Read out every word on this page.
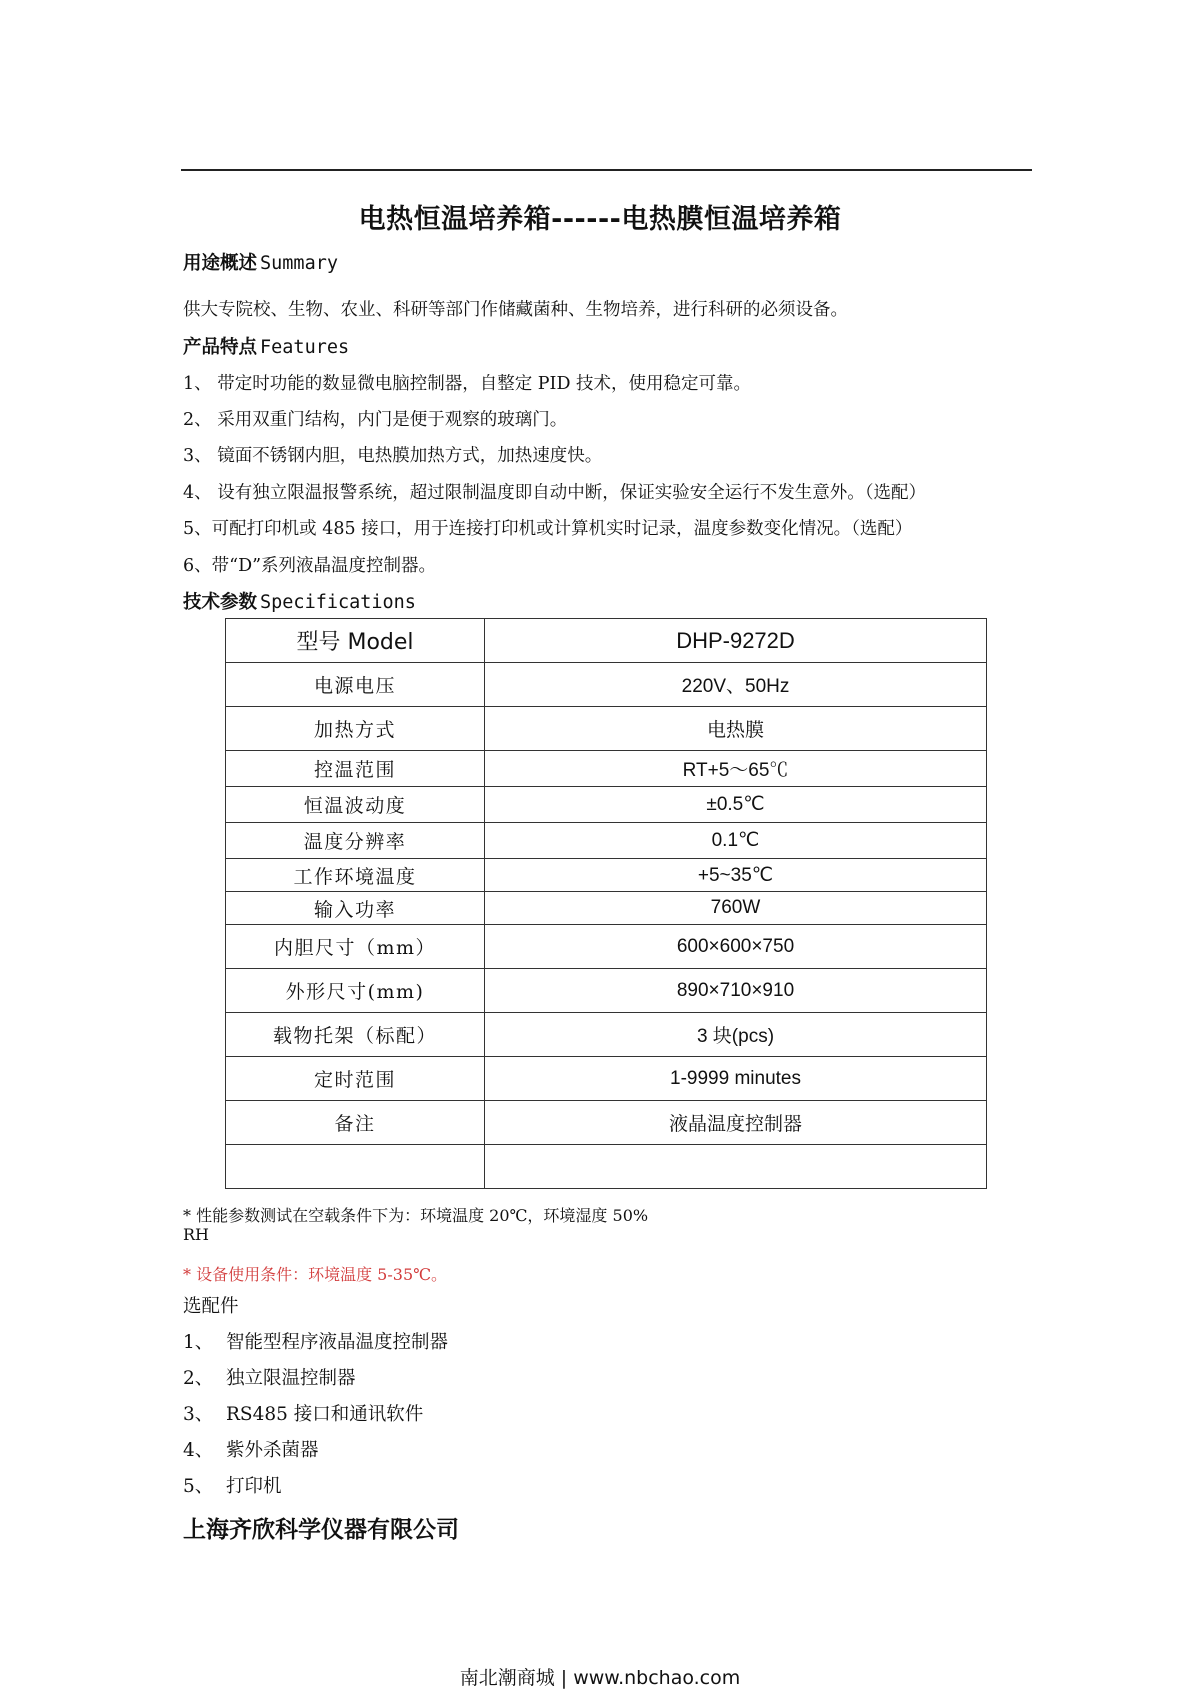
电热恒温培养箱------电热膜恒温培养箱
用途概述 Summary
供大专院校、生物、农业、科研等部门作储藏菌种、生物培养，进行科研的必须设备。
产品特点 Features
1、 带定时功能的数显微电脑控制器，自整定 PID 技术，使用稳定可靠。
2、 采用双重门结构，内门是便于观察的玻璃门。
3、 镜面不锈钢内胆，电热膜加热方式，加热速度快。
4、 设有独立限温报警系统，超过限制温度即自动中断，保证实验安全运行不发生意外。（选配）
5、可配打印机或 485 接口，用于连接打印机或计算机实时记录，温度参数变化情况。（选配）
6、带“D”系列液晶温度控制器。
技术参数 Specifications
型号 Model	DHP-9272D
电源电压	220V、50Hz
加热方式	电热膜
控温范围	RT+5～65℃
恒温波动度	±0.5℃
温度分辨率	0.1℃
工作环境温度	+5~35℃
输入功率	760W
内胆尺寸（mm）	600×600×750
外形尺寸(mm)	890×710×910
载物托架（标配）	3 块(pcs)
定时范围	1-9999 minutes
备注	液晶温度控制器

* 性能参数测试在空载条件下为：环境温度 20℃，环境湿度 50%
RH
* 设备使用条件：环境温度 5-35℃。
选配件
1、 智能型程序液晶温度控制器
2、 独立限温控制器
3、 RS485 接口和通讯软件
4、 紫外杀菌器
5、 打印机
上海齐欣科学仪器有限公司
南北潮商城 | www.nbchao.com
